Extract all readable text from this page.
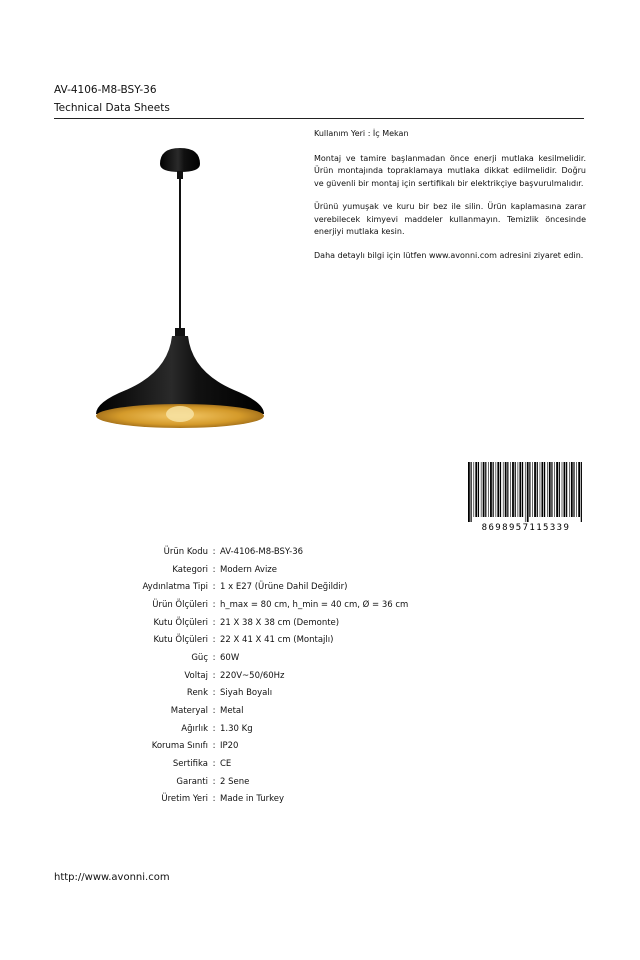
AV-4106-M8-BSY-36

Technical Data Sheets

Kullanım Yeri : İç Mekan

Montaj ve tamire başlanmadan önce enerji mutlaka kesilmelidir. Ürün montajında topraklamaya mutlaka dikkat edilmelidir. Doğru ve güvenli bir montaj için sertifikalı bir elektrikçiye başvurulmalıdır.

Ürünü yumuşak ve kuru bir bez ile silin. Ürün kaplamasına zarar verebilecek kimyevi maddeler kullanmayın. Temizlik öncesinde enerjiyi mutlaka kesin.

Daha detaylı bilgi için lütfen www.avonni.com adresini ziyaret edin.

8698957115339
Ürün Kodu : AV-4106-M8-BSY-36
Kategori : Modern Avize
Aydınlatma Tipi : 1 x E27 (Ürüne Dahil Değildir)
Ürün Ölçüleri : h_max = 80 cm, h_min = 40 cm, Ø = 36 cm
Kutu Ölçüleri : 21 X 38 X 38 cm (Demonte)
Kutu Ölçüleri : 22 X 41 X 41 cm (Montajlı)
Güç : 60W
Voltaj : 220V~50/60Hz
Renk : Siyah Boyalı
Materyal : Metal
Ağırlık : 1.30 Kg
Koruma Sınıfı : IP20
Sertifika : CE
Garanti : 2 Sene
Üretim Yeri : Made in Turkey
http://www.avonni.com
